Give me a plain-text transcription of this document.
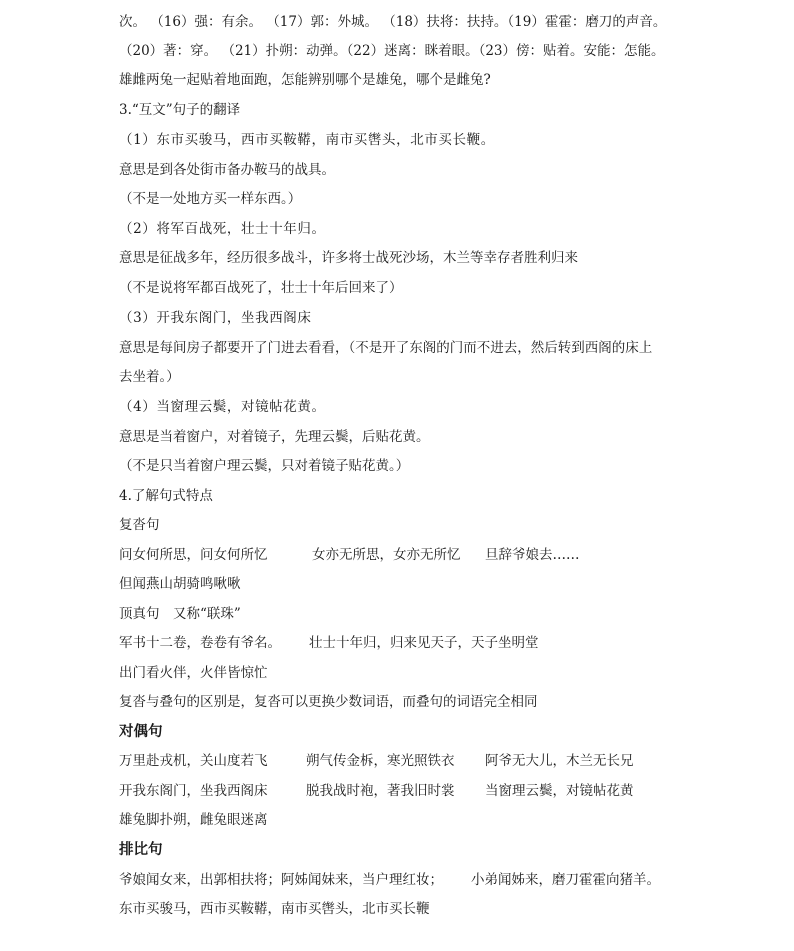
次。 （16）强：有余。 （17）郭：外城。 （18）扶将：扶持。（19）霍霍：磨刀的声音。
（20）著：穿。 （21）扑朔：动弹。（22）迷离：眯着眼。（23）傍：贴着。安能：怎能。
雄雌两兔一起贴着地面跑，怎能辨别哪个是雄兔，哪个是雌兔?
3.“互文”句子的翻译
（1）东市买骏马，西市买鞍鞯，南市买辔头，北市买长鞭。
意思是到各处街市备办鞍马的战具。
（不是一处地方买一样东西。）
（2）将军百战死，壮士十年归。
意思是征战多年，经历很多战斗，许多将士战死沙场，木兰等幸存者胜利归来
（不是说将军都百战死了，壮士十年后回来了）
（3）开我东阁门，坐我西阁床
意思是每间房子都要开了门进去看看，（不是开了东阁的门而不进去，然后转到西阁的床上
去坐着。）
（4）当窗理云鬓，对镜帖花黄。
意思是当着窗户，对着镜子，先理云鬓，后贴花黄。
（不是只当着窗户理云鬓，只对着镜子贴花黄。）
4.了解句式特点
复沓句
问女何所思，问女何所忆	女亦无所思，女亦无所忆 旦辞爷娘去……
但闻燕山胡骑鸣啾啾
顶真句　又称“联珠”
军书十二卷，卷卷有爷名。 壮士十年归，归来见天子，天子坐明堂
出门看火伴，火伴皆惊忙
复沓与叠句的区别是，复沓可以更换少数词语，而叠句的词语完全相同
对偶句
万里赴戎机，关山度若飞	朔气传金柝，寒光照铁衣 阿爷无大儿，木兰无长兄
开我东阁门，坐我西阁床	脱我战时袍，著我旧时裳 当窗理云鬓，对镜帖花黄
雄兔脚扑朔，雌兔眼迷离
排比句
爷娘闻女来，出郭相扶将；阿姊闻妹来，当户理红妆； 小弟闻姊来，磨刀霍霍向猪羊。
东市买骏马，西市买鞍鞯，南市买辔头，北市买长鞭
